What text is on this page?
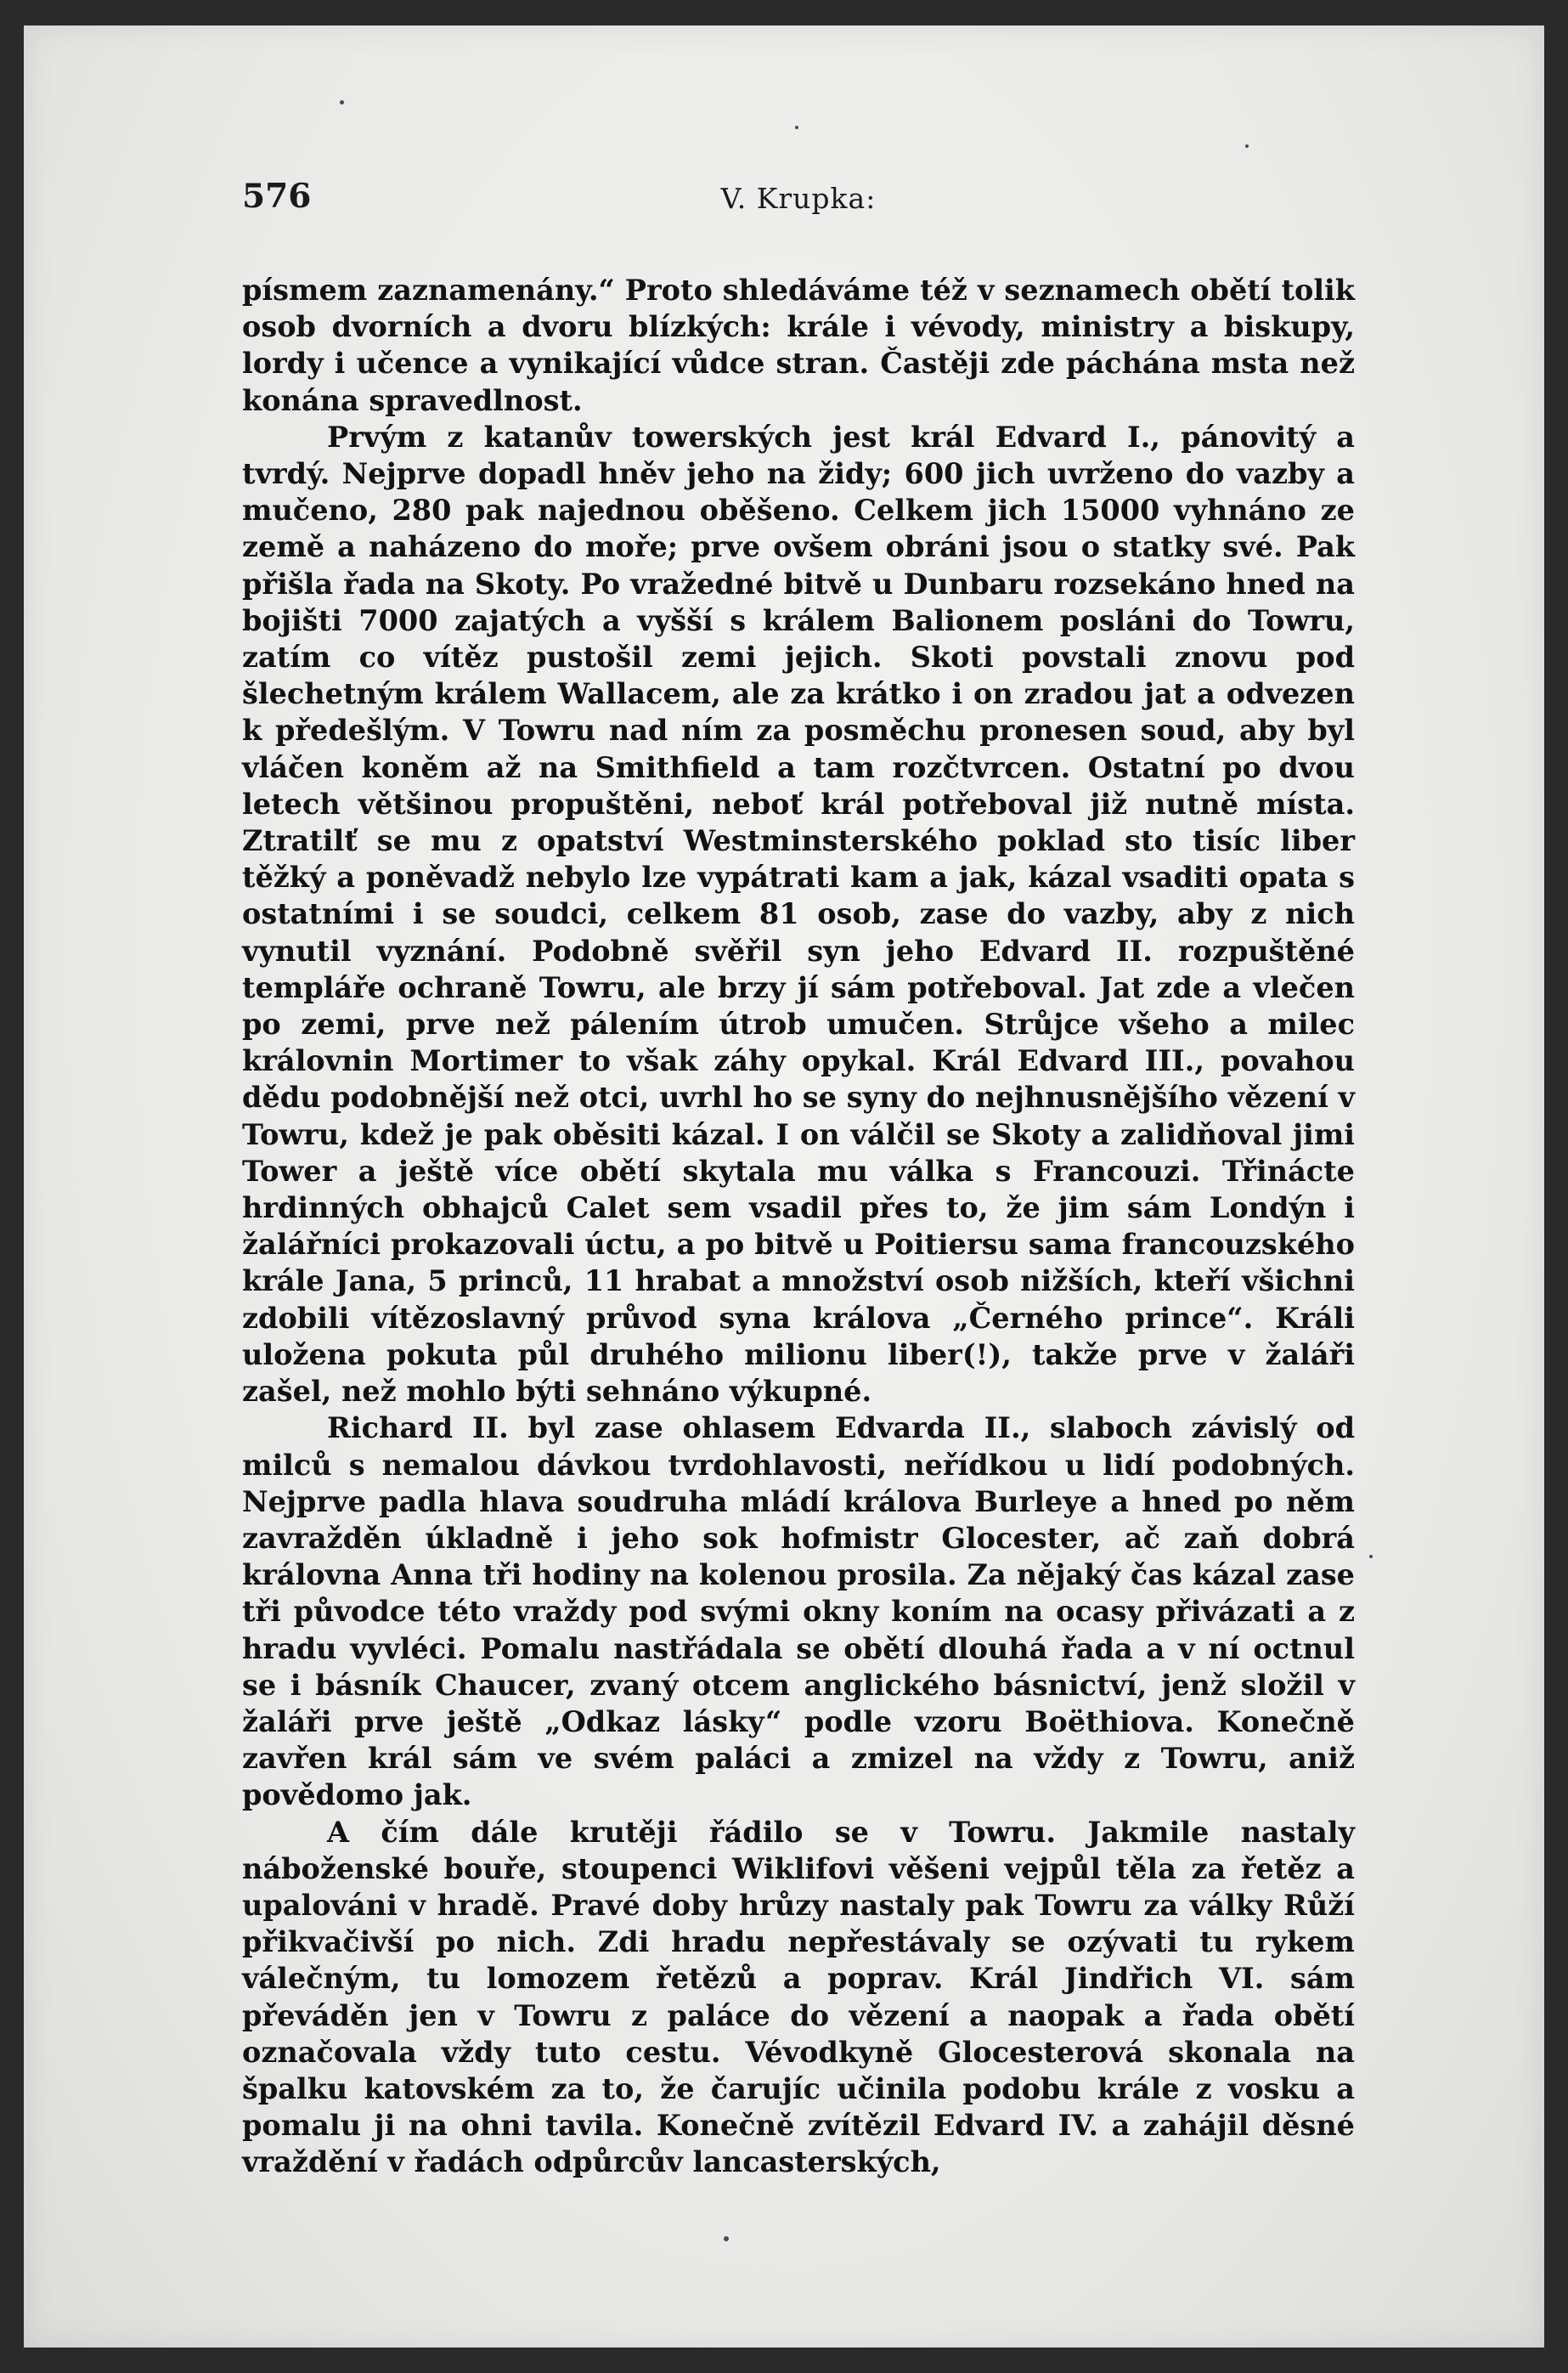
576	V. Krupka:

písmem zaznamenány.“ Proto shledáváme též v seznamech obětí tolik osob dvorních a dvoru blízkých: krále i vévody, ministry a biskupy, lordy i učence a vynikající vůdce stran. Častěji zde páchána msta než konána spravedlnost.

Prvým z katanův towerských jest král Edvard I., pánovitý a tvrdý. Nejprve dopadl hněv jeho na židy; 600 jich uvrženo do vazby a mučeno, 280 pak najednou oběšeno. Celkem jich 15000 vyhnáno ze země a naházeno do moře; prve ovšem obráni jsou o statky své. Pak přišla řada na Skoty. Po vražedné bitvě u Dunbaru rozsekáno hned na bojišti 7000 zajatých a vyšší s králem Balionem posláni do Towru, zatím co vítěz pustošil zemi jejich. Skoti povstali znovu pod šlechetným králem Wallacem, ale za krátko i on zradou jat a odvezen k předešlým. V Towru nad ním za posměchu pronesen soud, aby byl vláčen koněm až na Smithfield a tam rozčtvrcen. Ostatní po dvou letech většinou propuštěni, neboť král potřeboval již nutně místa. Ztratilť se mu z opatství Westminsterského poklad sto tisíc liber těžký a poněvadž nebylo lze vypátrati kam a jak, kázal vsaditi opata s ostatními i se soudci, celkem 81 osob, zase do vazby, aby z nich vynutil vyznání. Podobně svěřil syn jeho Edvard II. rozpuštěné templáře ochraně Towru, ale brzy jí sám potřeboval. Jat zde a vlečen po zemi, prve než pálením útrob umučen. Strůjce všeho a milec královnin Mortimer to však záhy opykal. Král Edvard III., povahou dědu podobnější než otci, uvrhl ho se syny do nejhnusnějšího vězení v Towru, kdež je pak oběsiti kázal. I on válčil se Skoty a zalidňoval jimi Tower a ještě více obětí skytala mu válka s Francouzi. Třinácte hrdinných obhajců Calet sem vsadil přes to, že jim sám Londýn i žalářníci prokazovali úctu, a po bitvě u Poitiersu sama francouzského krále Jana, 5 princů, 11 hrabat a množství osob nižších, kteří všichni zdobili vítězoslavný průvod syna králova „Černého prince“. Králi uložena pokuta půl druhého milionu liber(!), takže prve v žaláři zašel, než mohlo býti sehnáno výkupné.

Richard II. byl zase ohlasem Edvarda II., slaboch závislý od milců s nemalou dávkou tvrdohlavosti, neřídkou u lidí podobných. Nejprve padla hlava soudruha mládí králova Burleye a hned po něm zavražděn úkladně i jeho sok hofmistr Glocester, ač zaň dobrá královna Anna tři hodiny na kolenou prosila. Za nějaký čas kázal zase tři původce této vraždy pod svými okny koním na ocasy přivázati a z hradu vyvléci. Pomalu nastřádala se obětí dlouhá řada a v ní octnul se i básník Chaucer, zvaný otcem anglického básnictví, jenž složil v žaláři prve ještě „Odkaz lásky“ podle vzoru Boëthiova. Konečně zavřen král sám ve svém paláci a zmizel na vždy z Towru, aniž povědomo jak.

A čím dále krutěji řádilo se v Towru. Jakmile nastaly náboženské bouře, stoupenci Wiklifovi věšeni vejpůl těla za řetěz a upalováni v hradě. Pravé doby hrůzy nastaly pak Towru za války Růží přikvačivší po nich. Zdi hradu nepřestávaly se ozývati tu rykem válečným, tu lomozem řetězů a poprav. Král Jindřich VI. sám převáděn jen v Towru z paláce do vězení a naopak a řada obětí označovala vždy tuto cestu. Vévodkyně Glocesterová skonala na špalku katovském za to, že čarujíc učinila podobu krále z vosku a pomalu ji na ohni tavila. Konečně zvítězil Edvard IV. a zahájil děsné vraždění v řadách odpůrcův lancasterských,
